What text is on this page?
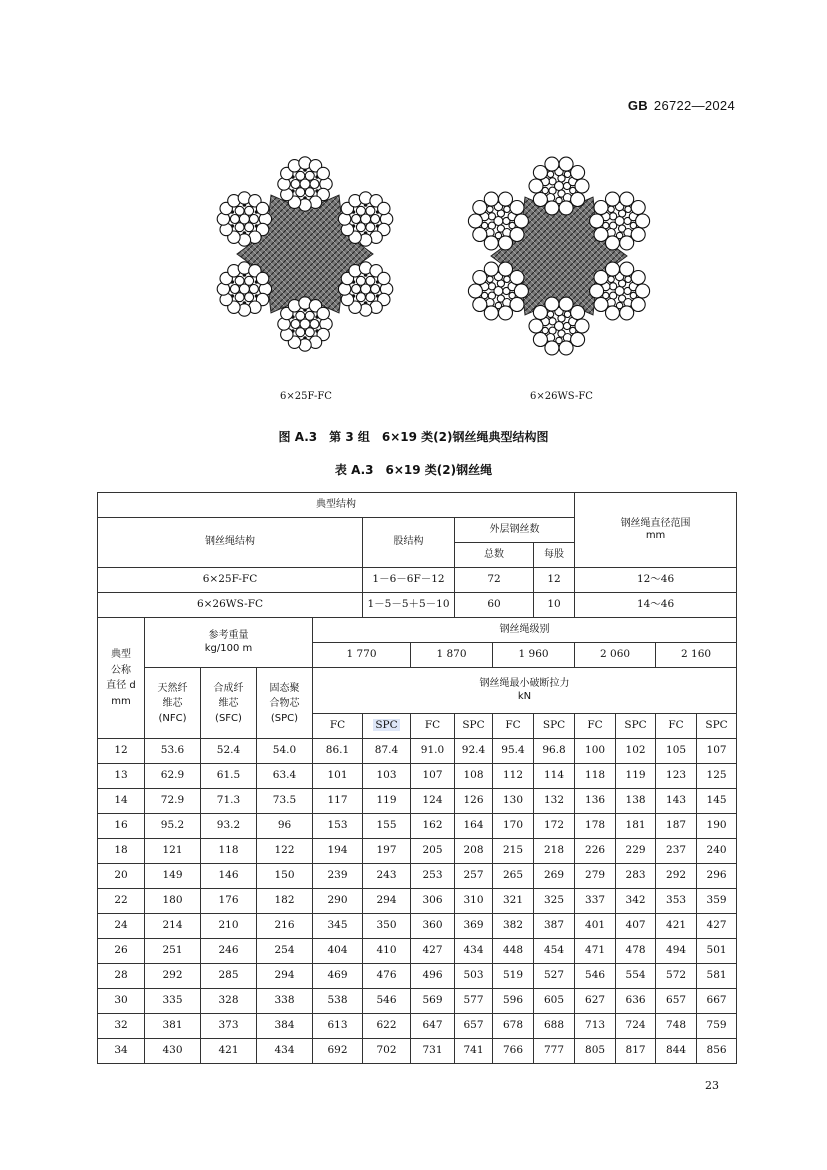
GB 26722—2024
6×25F-FC	6×26WS-FC
图 A.3　第 3 组　6×19 类(2)钢丝绳典型结构图
表 A.3　6×19 类(2)钢丝绳
典型结构										钢丝绳直径范围
mm			
钢丝绳结构					股结构		外层钢丝数						
							总数		每股				
6×25F-FC					1－6－6F－12		72		12	12～46			
6×26WS-FC					1－5－5＋5－10		60		10	14～46			
典型
公称
直径 d
mm	参考重量
kg/100 m			钢丝绳级别									
				1 770		1 870		1 960		2 060		2 160	
	天然纤
维芯
(NFC)	合成纤
维芯
(SFC)	固态聚
合物芯
(SPC)	钢丝绳最小破断拉力
kN									
				FC	SPC	FC	SPC	FC	SPC	FC	SPC	FC	SPC
12	53.6	52.4	54.0	86.1	87.4	91.0	92.4	95.4	96.8	100	102	105	107
13	62.9	61.5	63.4	101	103	107	108	112	114	118	119	123	125
14	72.9	71.3	73.5	117	119	124	126	130	132	136	138	143	145
16	95.2	93.2	96	153	155	162	164	170	172	178	181	187	190
18	121	118	122	194	197	205	208	215	218	226	229	237	240
20	149	146	150	239	243	253	257	265	269	279	283	292	296
22	180	176	182	290	294	306	310	321	325	337	342	353	359
24	214	210	216	345	350	360	369	382	387	401	407	421	427
26	251	246	254	404	410	427	434	448	454	471	478	494	501
28	292	285	294	469	476	496	503	519	527	546	554	572	581
30	335	328	338	538	546	569	577	596	605	627	636	657	667
32	381	373	384	613	622	647	657	678	688	713	724	748	759
34	430	421	434	692	702	731	741	766	777	805	817	844	856
23
